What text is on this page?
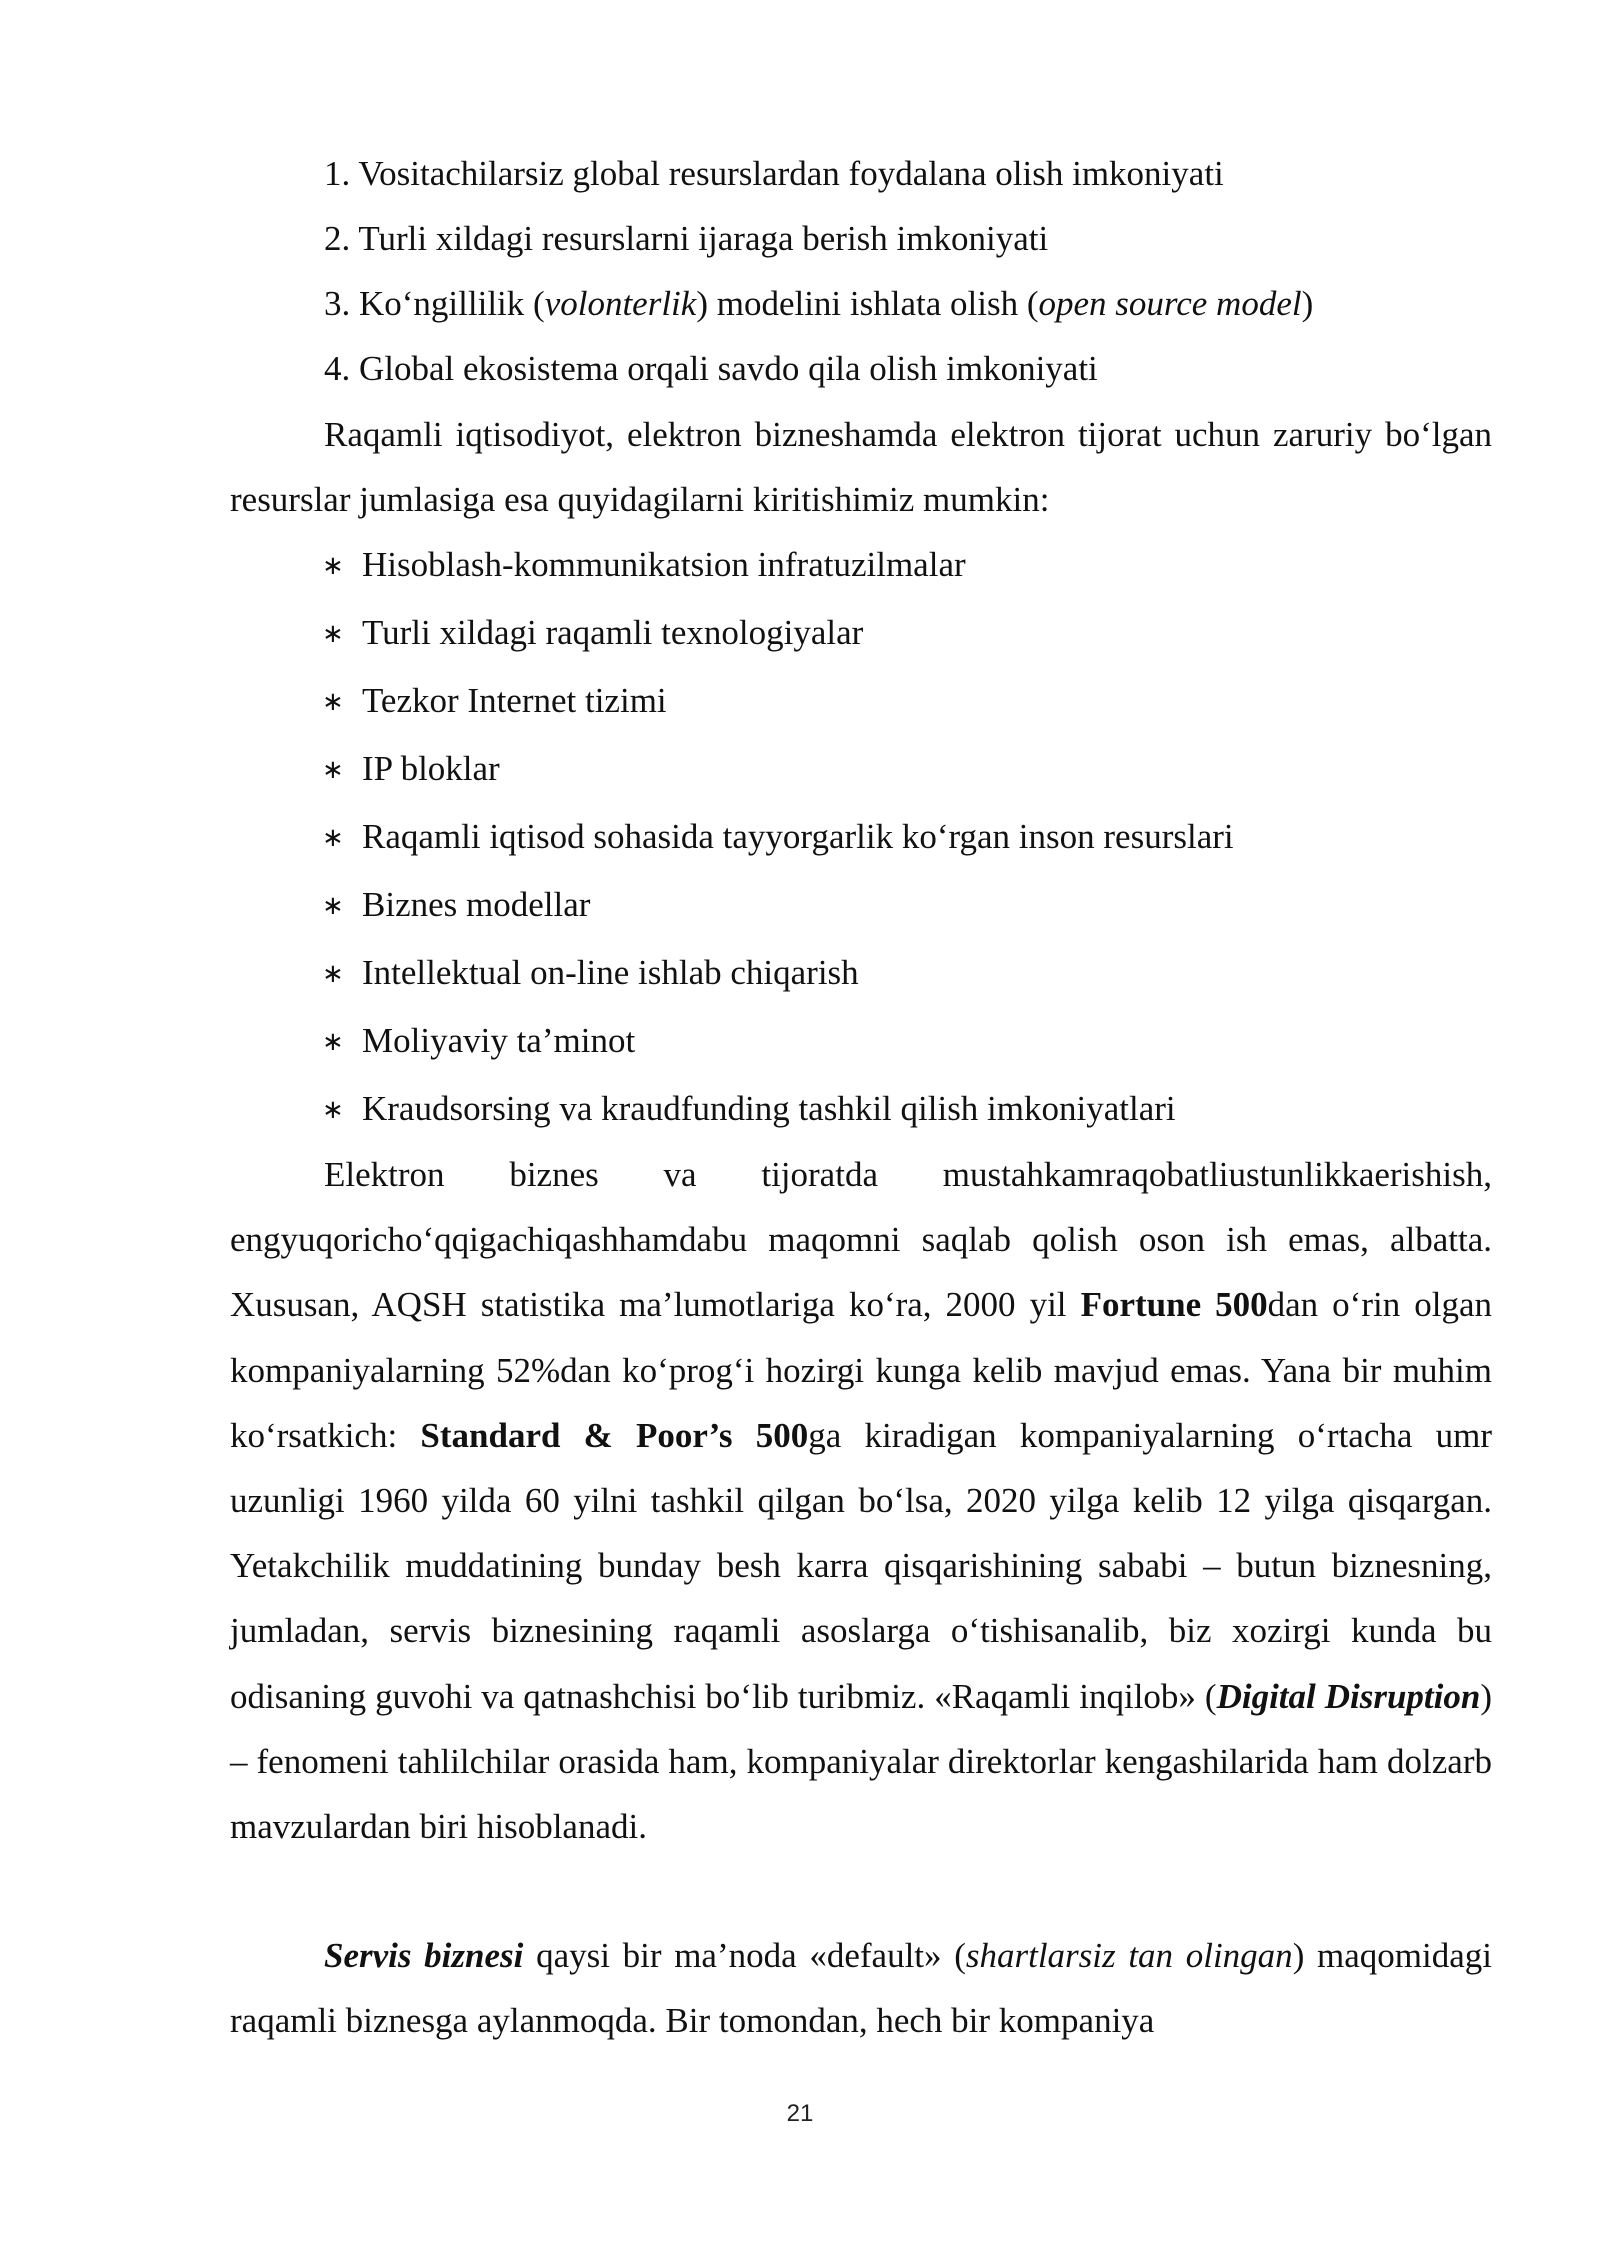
1. Vositachilarsiz global resurslardan foydalana olish imkoniyati
2. Turli xildagi resurslarni ijaraga berish imkoniyati
3. Ko‘ngillilik (volonterlik) modelini ishlata olish (open source model)
4. Global ekosistema orqali savdo qila olish imkoniyati

Raqamli iqtisodiyot, elektron bizneshamda elektron tijorat uchun zaruriy bo‘lgan resurslar jumlasiga esa quyidagilarni kiritishimiz mumkin:

∗ Hisoblash-kommunikatsion infratuzilmalar
∗ Turli xildagi raqamli texnologiyalar
∗ Tezkor Internet tizimi
∗ IP bloklar
∗ Raqamli iqtisod sohasida tayyorgarlik ko‘rgan inson resurslari
∗ Biznes modellar
∗ Intellektual on-line ishlab chiqarish
∗ Moliyaviy ta’minot
∗ Kraudsorsing va kraudfunding tashkil qilish imkoniyatlari

Elektron biznes va tijoratda mustahkamraqobatliustunlikkaerishish, engyuqoricho‘qqigachiqashhamdabu maqomni saqlab qolish oson ish emas, albatta. Xususan, AQSH statistika ma’lumotlariga ko‘ra, 2000 yil Fortune 500dan o‘rin olgan kompaniyalarning 52%dan ko‘prog‘i hozirgi kunga kelib mavjud emas. Yana bir muhim ko‘rsatkich: Standard & Poor’s 500ga kiradigan kompaniyalarning o‘rtacha umr uzunligi 1960 yilda 60 yilni tashkil qilgan bo‘lsa, 2020 yilga kelib 12 yilga qisqargan. Yetakchilik muddatining bunday besh karra qisqarishining sababi – butun biznesning, jumladan, servis biznesining raqamli asoslarga o‘tishisanalib, biz xozirgi kunda bu odisaning guvohi va qatnashchisi bo‘lib turibmiz. «Raqamli inqilob» (Digital Disruption) – fenomeni tahlilchilar orasida ham, kompaniyalar direktorlar kengashilarida ham dolzarb mavzulardan biri hisoblanadi.

Servis biznesi qaysi bir ma’noda «default» (shartlarsiz tan olingan) maqomidagi raqamli biznesga aylanmoqda. Bir tomondan, hech bir kompaniya

21
